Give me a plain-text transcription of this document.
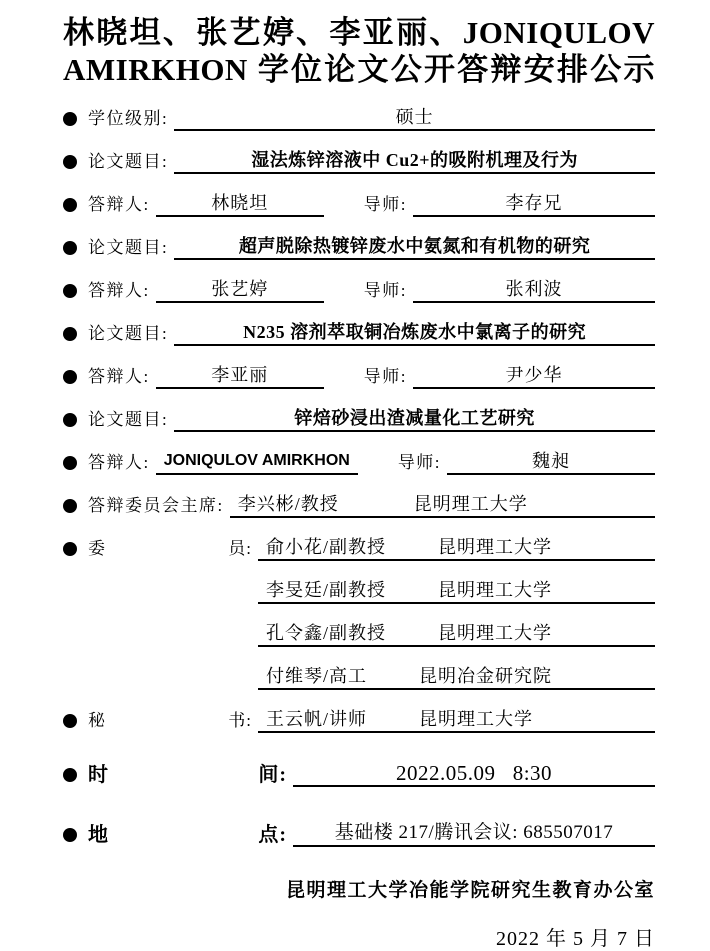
林晓坦、张艺婷、李亚丽、JONIQULOV
AMIRKHON 学位论文公开答辩安排公示
学位级别:	硕士
论文题目:	湿法炼锌溶液中 Cu2+的吸附机理及行为
答辩人:	林晓坦	导师:	李存兄
论文题目:	超声脱除热镀锌废水中氨氮和有机物的研究
答辩人:	张艺婷	导师:	张利波
论文题目:	N235 溶剂萃取铜冶炼废水中氯离子的研究
答辩人:	李亚丽	导师:	尹少华
论文题目:	锌焙砂浸出渣减量化工艺研究
答辩人: JONIQULOV AMIRKHON	导师:	魏昶
答辩委员会主席: 李兴彬/教授	昆明理工大学
委	员: 俞小花/副教授	昆明理工大学
李旻廷/副教授	昆明理工大学
孔令鑫/副教授	昆明理工大学
付维琴/高工	昆明冶金研究院
秘	书: 王云帆/讲师	昆明理工大学
时	间:	2022.05.09   8:30
地	点:	基础楼 217/腾讯会议: 685507017
昆明理工大学冶能学院研究生教育办公室
2022 年 5 月 7 日
